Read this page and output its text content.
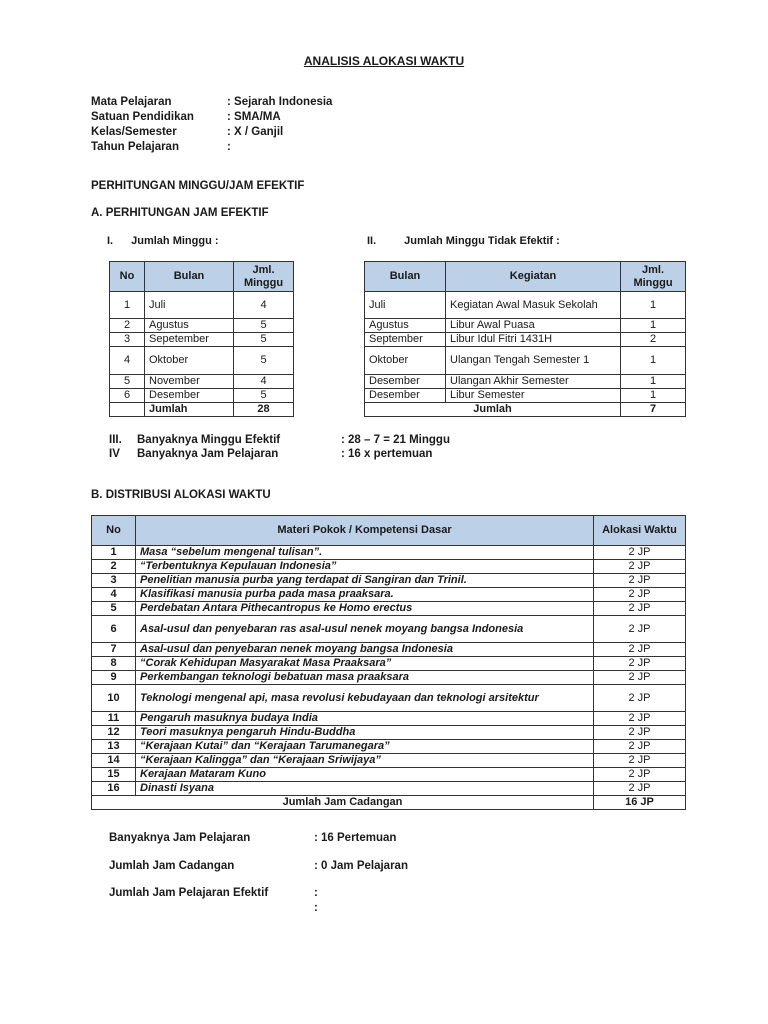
ANALISIS ALOKASI WAKTU
Mata Pelajaran	: Sejarah Indonesia
Satuan Pendidikan	: SMA/MA
Kelas/Semester	: X / Ganjil
Tahun Pelajaran	:
PERHITUNGAN MINGGU/JAM EFEKTIF
A. PERHITUNGAN JAM EFEKTIF
I. Jumlah Minggu :	II.	Jumlah Minggu Tidak Efektif :
No	Bulan	Jml. Minggu
1	Juli	4
2	Agustus	5
3	Sepetember	5
4	Oktober	5
5	November	4
6	Desember	5
	Jumlah	28
Bulan	Kegiatan	Jml. Minggu
Juli	Kegiatan Awal Masuk Sekolah	1
Agustus	Libur Awal Puasa	1
September	Libur Idul Fitri 1431H	2
Oktober	Ulangan Tengah Semester 1	1
Desember	Ulangan Akhir Semester	1
Desember	Libur Semester	1
Jumlah		7
III. Banyaknya Minggu Efektif	: 28 – 7 = 21 Minggu
IV Banyaknya Jam Pelajaran	: 16 x pertemuan
B. DISTRIBUSI ALOKASI WAKTU
No	Materi Pokok / Kompetensi Dasar	Alokasi Waktu
1	Masa “sebelum mengenal tulisan”.	2 JP
2	“Terbentuknya Kepulauan Indonesia”	2 JP
3	Penelitian manusia purba yang terdapat di Sangiran dan Trinil.	2 JP
4	Klasifikasi manusia purba pada masa praaksara.	2 JP
5	Perdebatan Antara Pithecantropus ke Homo erectus	2 JP
6	Asal-usul dan penyebaran ras asal-usul nenek moyang bangsa Indonesia	2 JP
7	Asal-usul dan penyebaran nenek moyang bangsa Indonesia	2 JP
8	“Corak Kehidupan Masyarakat Masa Praaksara”	2 JP
9	Perkembangan teknologi bebatuan masa praaksara	2 JP
10	Teknologi mengenal api, masa revolusi kebudayaan dan teknologi arsitektur	2 JP
11	Pengaruh masuknya budaya India	2 JP
12	Teori masuknya pengaruh Hindu-Buddha	2 JP
13	“Kerajaan Kutai” dan “Kerajaan Tarumanegara”	2 JP
14	“Kerajaan Kalingga” dan “Kerajaan Sriwijaya”	2 JP
15	Kerajaan Mataram Kuno	2 JP
16	Dinasti Isyana	2 JP
Jumlah Jam Cadangan		16 JP
Banyaknya Jam Pelajaran	: 16 Pertemuan
Jumlah Jam Cadangan	: 0 Jam Pelajaran
Jumlah Jam Pelajaran Efektif	:
:
